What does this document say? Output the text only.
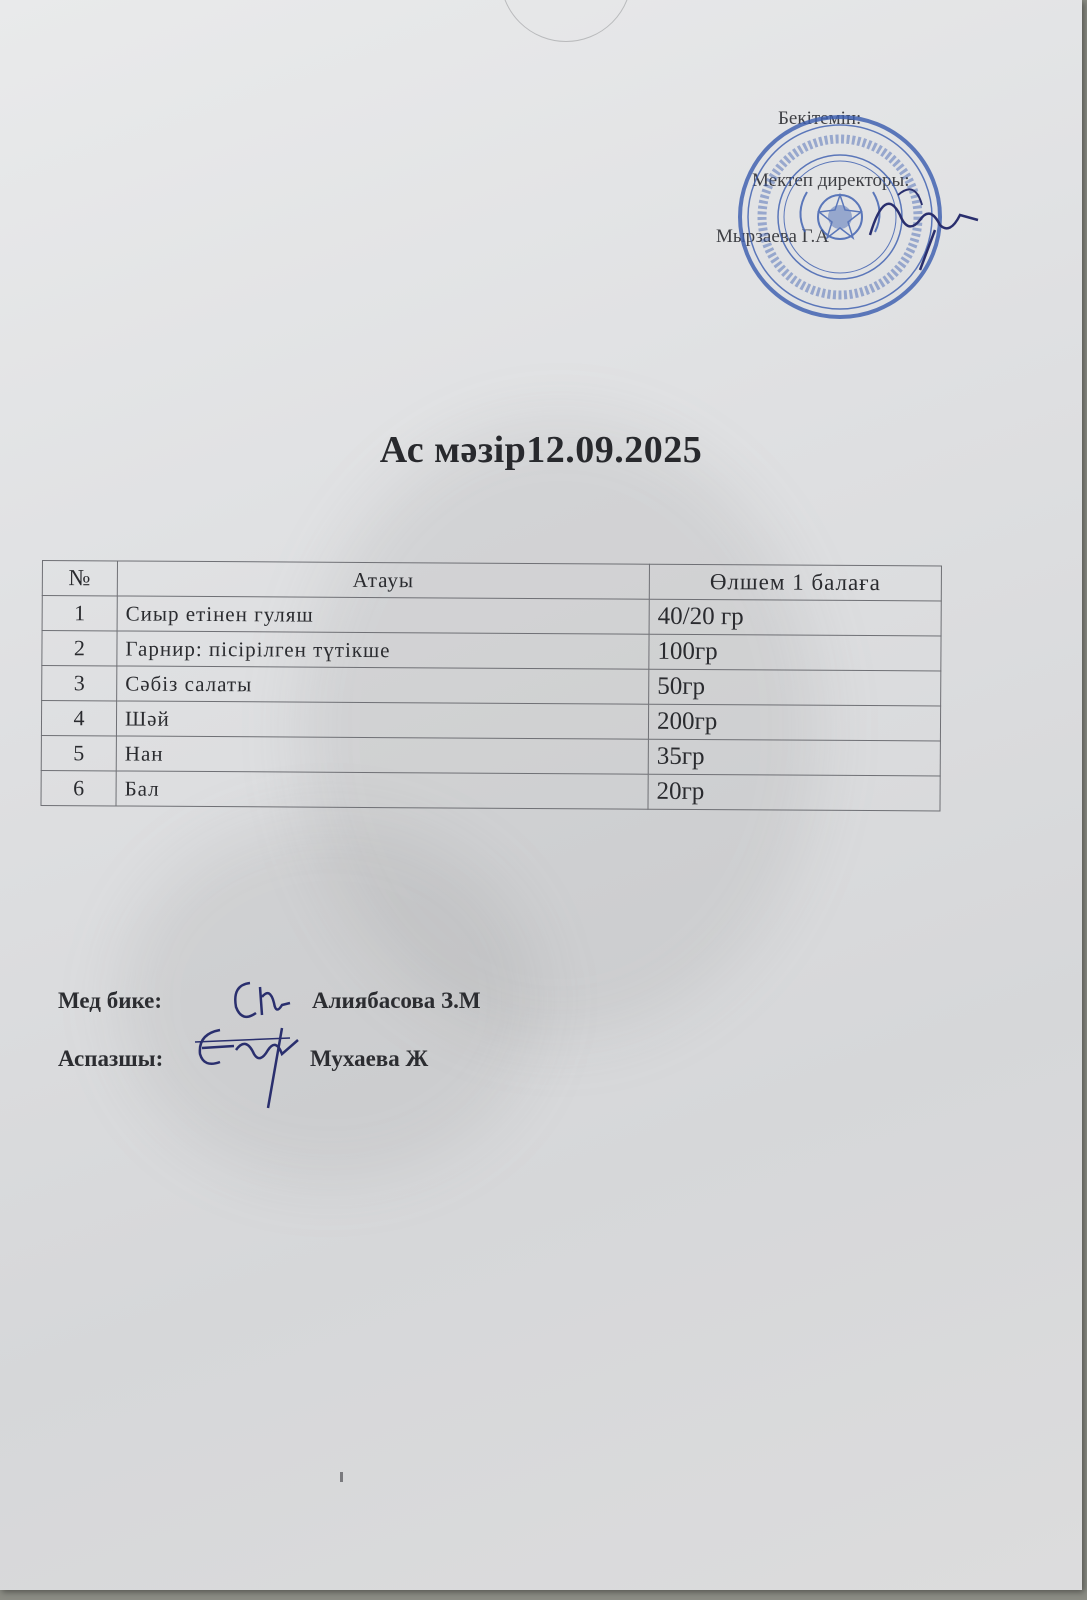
Бекітемін:
Мектеп директоры:
Мырзаева Г.А
Ас мәзір12.09.2025
№	Атауы	Өлшем 1 балаға
1	Сиыр етінен гуляш	40/20 гр
2	Гарнир: пісірілген түтікше	100гр
3	Сәбіз салаты	50гр
4	Шәй	200гр
5	Нан	35гр
6	Бал	20гр
Мед бике:	Алиябасова З.М
Аспазшы:	Мухаева Ж
